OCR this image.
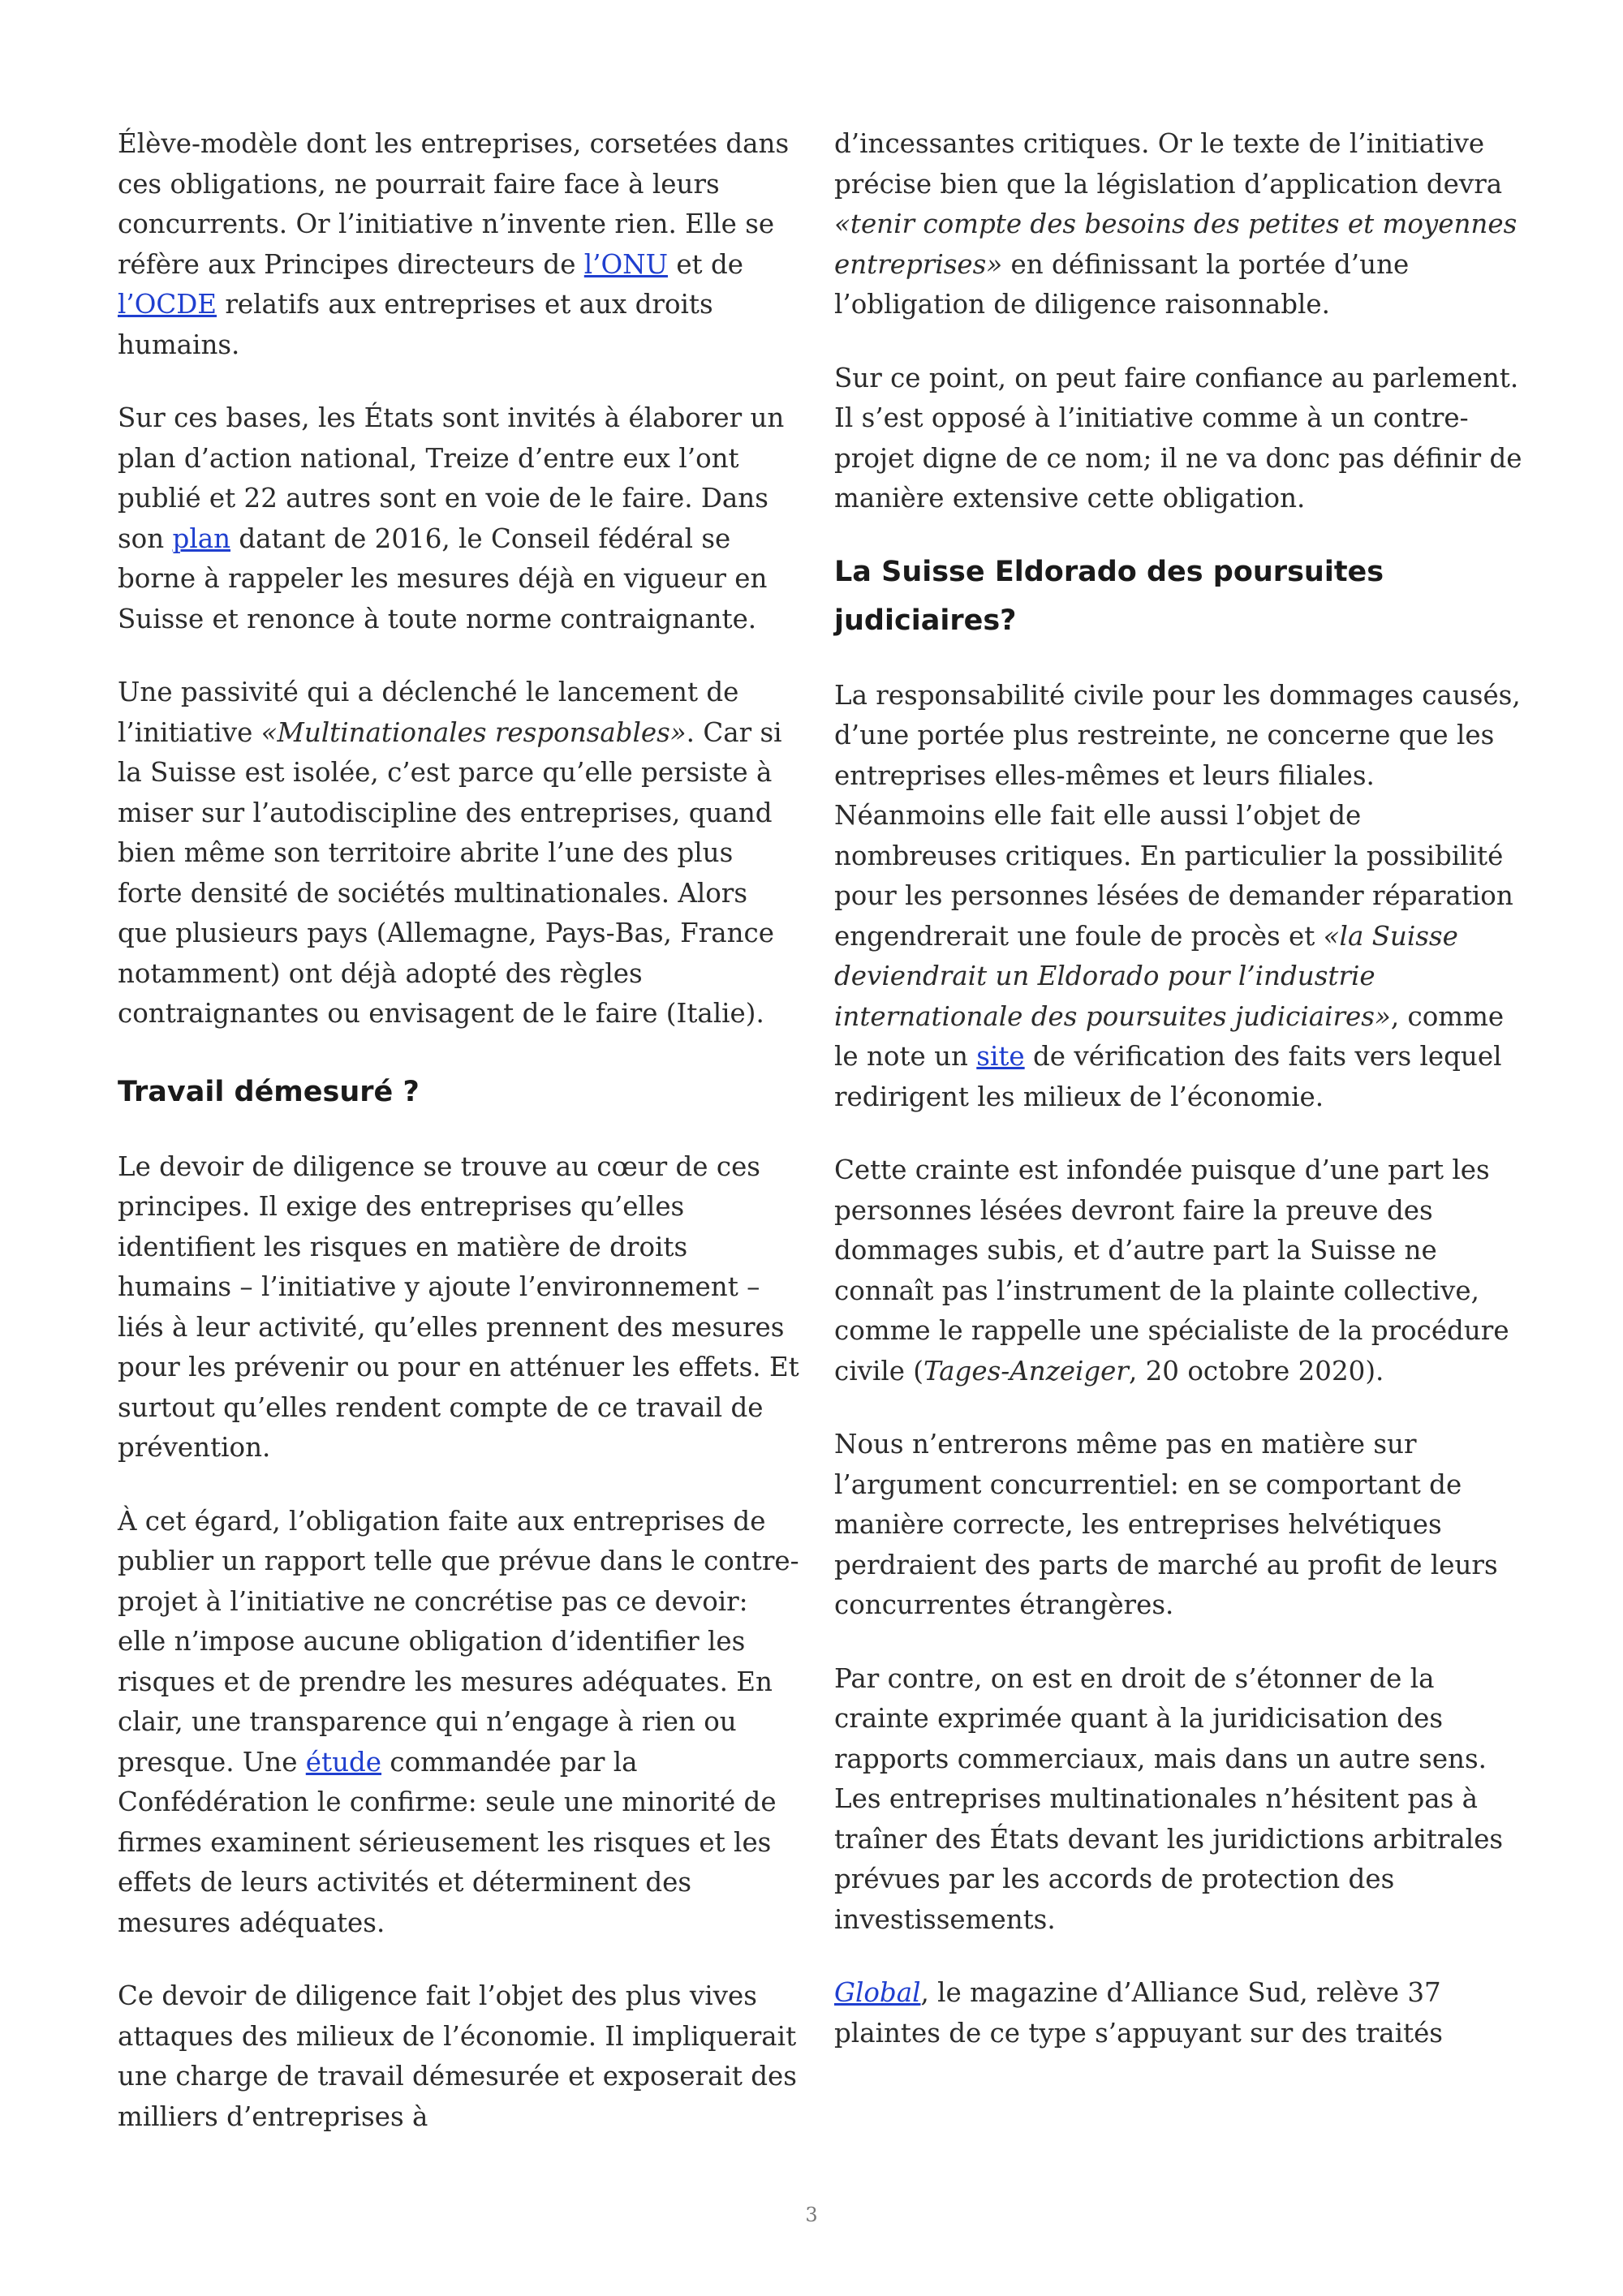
Élève-modèle dont les entreprises, corsetées dans ces obligations, ne pourrait faire face à leurs concurrents. Or l’initiative n’invente rien. Elle se réfère aux Principes directeurs de l’ONU et de l’OCDE relatifs aux entreprises et aux droits humains.

Sur ces bases, les États sont invités à élaborer un plan d’action national, Treize d’entre eux l’ont publié et 22 autres sont en voie de le faire. Dans son plan datant de 2016, le Conseil fédéral se borne à rappeler les mesures déjà en vigueur en Suisse et renonce à toute norme contraignante.

Une passivité qui a déclenché le lancement de l’initiative «Multinationales responsables». Car si la Suisse est isolée, c’est parce qu’elle persiste à miser sur l’autodiscipline des entreprises, quand bien même son territoire abrite l’une des plus forte densité de sociétés multinationales. Alors que plusieurs pays (Allemagne, Pays-Bas, France notamment) ont déjà adopté des règles contraignantes ou envisagent de le faire (Italie).

Travail démesuré ?

Le devoir de diligence se trouve au cœur de ces principes. Il exige des entreprises qu’elles identifient les risques en matière de droits humains – l’initiative y ajoute l’environnement – liés à leur activité, qu’elles prennent des mesures pour les prévenir ou pour en atténuer les effets. Et surtout qu’elles rendent compte de ce travail de prévention.

À cet égard, l’obligation faite aux entreprises de publier un rapport telle que prévue dans le contre-projet à l’initiative ne concrétise pas ce devoir: elle n’impose aucune obligation d’identifier les risques et de prendre les mesures adéquates. En clair, une transparence qui n’engage à rien ou presque. Une étude commandée par la Confédération le confirme: seule une minorité de firmes examinent sérieusement les risques et les effets de leurs activités et déterminent des mesures adéquates.

Ce devoir de diligence fait l’objet des plus vives attaques des milieux de l’économie. Il impliquerait une charge de travail démesurée et exposerait des milliers d’entreprises à

d’incessantes critiques. Or le texte de l’initiative précise bien que la législation d’application devra «tenir compte des besoins des petites et moyennes entreprises» en définissant la portée d’une l’obligation de diligence raisonnable.

Sur ce point, on peut faire confiance au parlement. Il s’est opposé à l’initiative comme à un contre-projet digne de ce nom; il ne va donc pas définir de manière extensive cette obligation.

La Suisse Eldorado des poursuites judiciaires?

La responsabilité civile pour les dommages causés, d’une portée plus restreinte, ne concerne que les entreprises elles-mêmes et leurs filiales. Néanmoins elle fait elle aussi l’objet de nombreuses critiques. En particulier la possibilité pour les personnes lésées de demander réparation engendrerait une foule de procès et «la Suisse deviendrait un Eldorado pour l’industrie internationale des poursuites judiciaires», comme le note un site de vérification des faits vers lequel redirigent les milieux de l’économie.

Cette crainte est infondée puisque d’une part les personnes lésées devront faire la preuve des dommages subis, et d’autre part la Suisse ne connaît pas l’instrument de la plainte collective, comme le rappelle une spécialiste de la procédure civile (Tages-Anzeiger, 20 octobre 2020).

Nous n’entrerons même pas en matière sur l’argument concurrentiel: en se comportant de manière correcte, les entreprises helvétiques perdraient des parts de marché au profit de leurs concurrentes étrangères.

Par contre, on est en droit de s’étonner de la crainte exprimée quant à la juridicisation des rapports commerciaux, mais dans un autre sens. Les entreprises multinationales n’hésitent pas à traîner des États devant les juridictions arbitrales prévues par les accords de protection des investissements.

Global, le magazine d’Alliance Sud, relève 37 plaintes de ce type s’appuyant sur des traités

3
